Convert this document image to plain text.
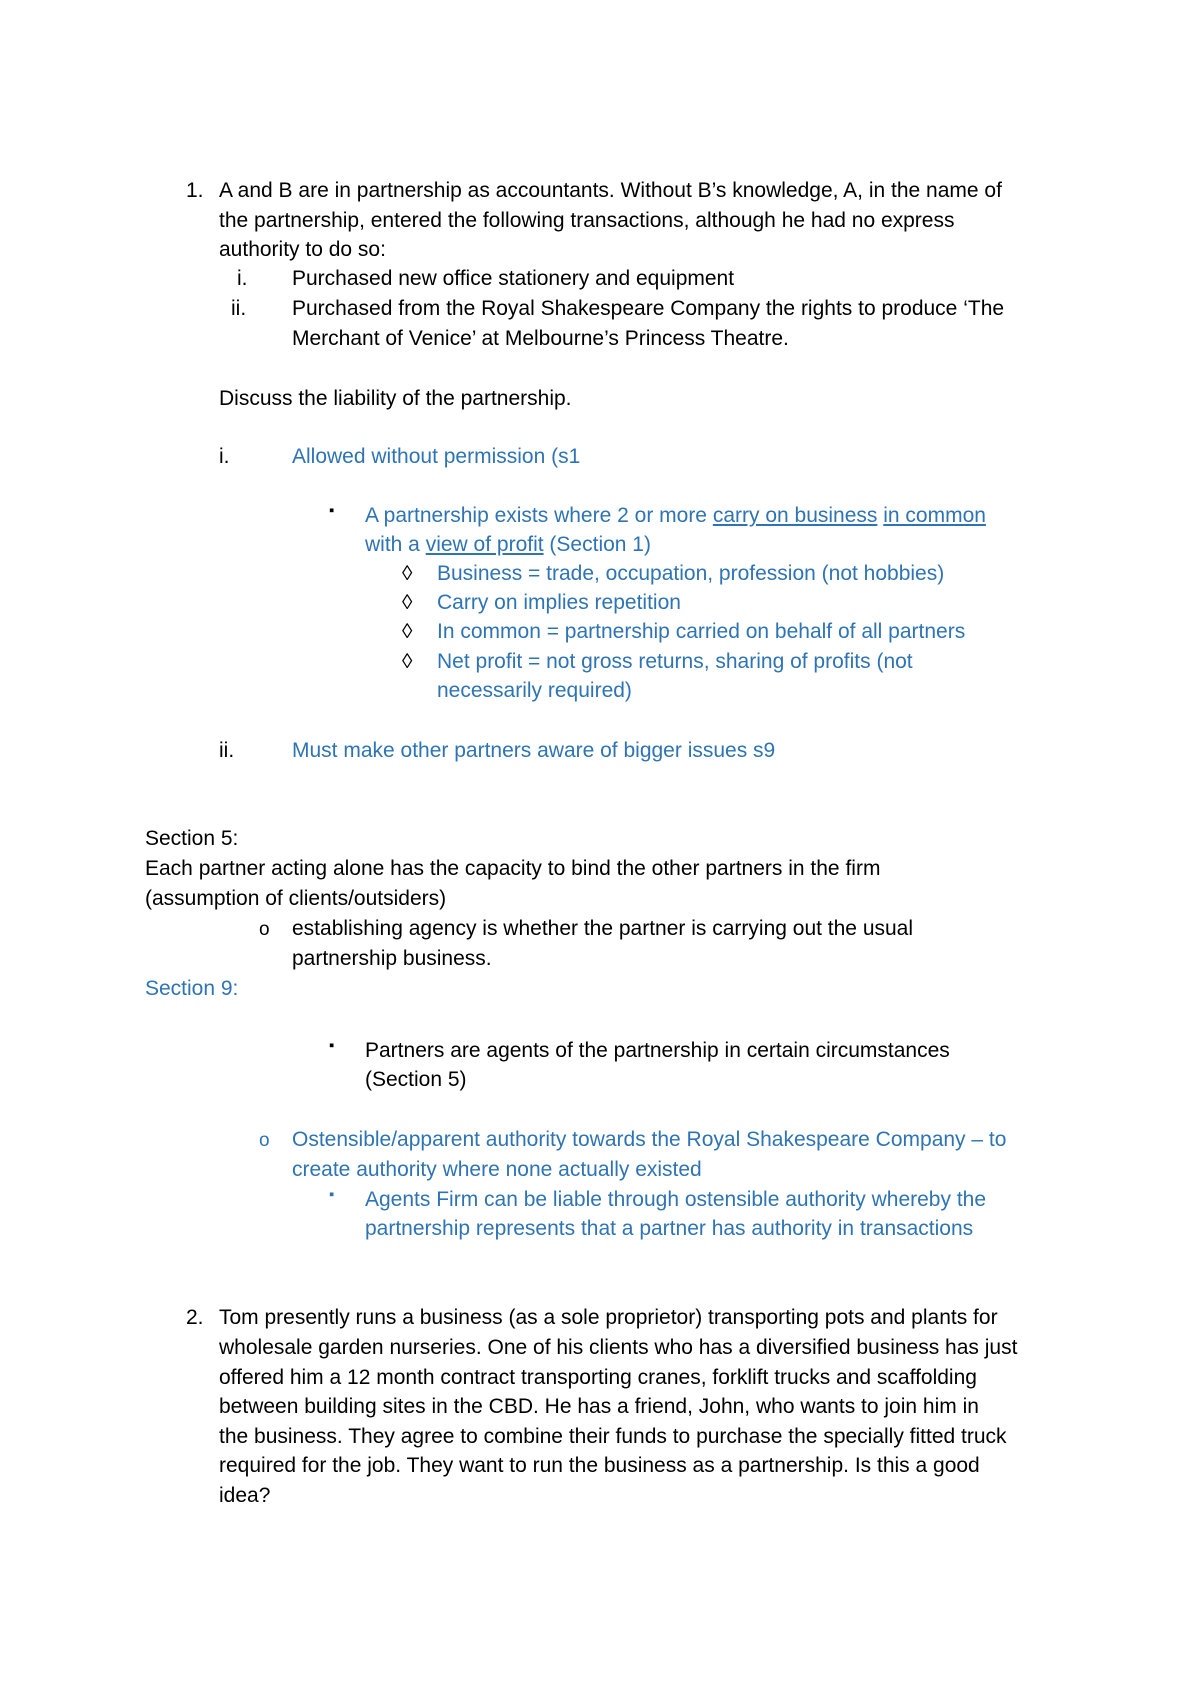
1. A and B are in partnership as accountants. Without B’s knowledge, A, in the name of
the partnership, entered the following transactions, although he had no express
authority to do so:
i. Purchased new office stationery and equipment
ii. Purchased from the Royal Shakespeare Company the rights to produce ‘The
Merchant of Venice’ at Melbourne’s Princess Theatre.
Discuss the liability of the partnership.
i.	Allowed without permission (s1
▪ A partnership exists where 2 or more carry on business in common
with a view of profit (Section 1)
◊ Business = trade, occupation, profession (not hobbies)
◊ Carry on implies repetition
◊ In common = partnership carried on behalf of all partners
◊ Net profit = not gross returns, sharing of profits (not
necessarily required)
ii.	Must make other partners aware of bigger issues s9
Section 5:
Each partner acting alone has the capacity to bind the other partners in the firm
(assumption of clients/outsiders)
o establishing agency is whether the partner is carrying out the usual
partnership business.
Section 9:
▪ Partners are agents of the partnership in certain circumstances
(Section 5)
o Ostensible/apparent authority towards the Royal Shakespeare Company – to
create authority where none actually existed
▪ Agents Firm can be liable through ostensible authority whereby the
partnership represents that a partner has authority in transactions
2. Tom presently runs a business (as a sole proprietor) transporting pots and plants for
wholesale garden nurseries. One of his clients who has a diversified business has just
offered him a 12 month contract transporting cranes, forklift trucks and scaffolding
between building sites in the CBD. He has a friend, John, who wants to join him in
the business. They agree to combine their funds to purchase the specially fitted truck
required for the job. They want to run the business as a partnership. Is this a good
idea?
